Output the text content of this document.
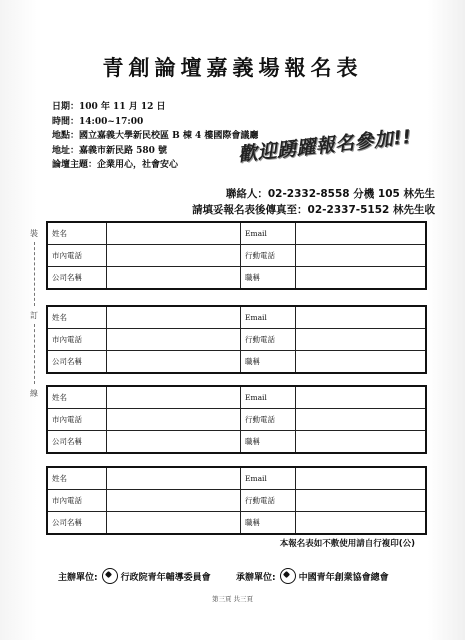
青創論壇嘉義場報名表
日期：100 年 11 月 12 日
時間：14:00~17:00
地點：國立嘉義大學新民校區 B 棟 4 樓國際會議廳
地址：嘉義市新民路 580 號
論壇主題：企業用心，社會安心	歡迎踴躍報名參加!!
聯絡人：02-2332-8558 分機 105 林先生
請填妥報名表後傳真至：02-2337-5152 林先生收
裝
訂
線
姓名		Email	
市內電話		行動電話	
公司名稱		職稱	
姓名		Email	
市內電話		行動電話	
公司名稱		職稱	
姓名		Email	
市內電話		行動電話	
公司名稱		職稱	
姓名		Email	
市內電話		行動電話	
公司名稱		職稱	
本報名表如不敷使用請自行複印(公)
主辦單位:	行政院青年輔導委員會	承辦單位:	中國青年創業協會總會
第三頁 共三頁
